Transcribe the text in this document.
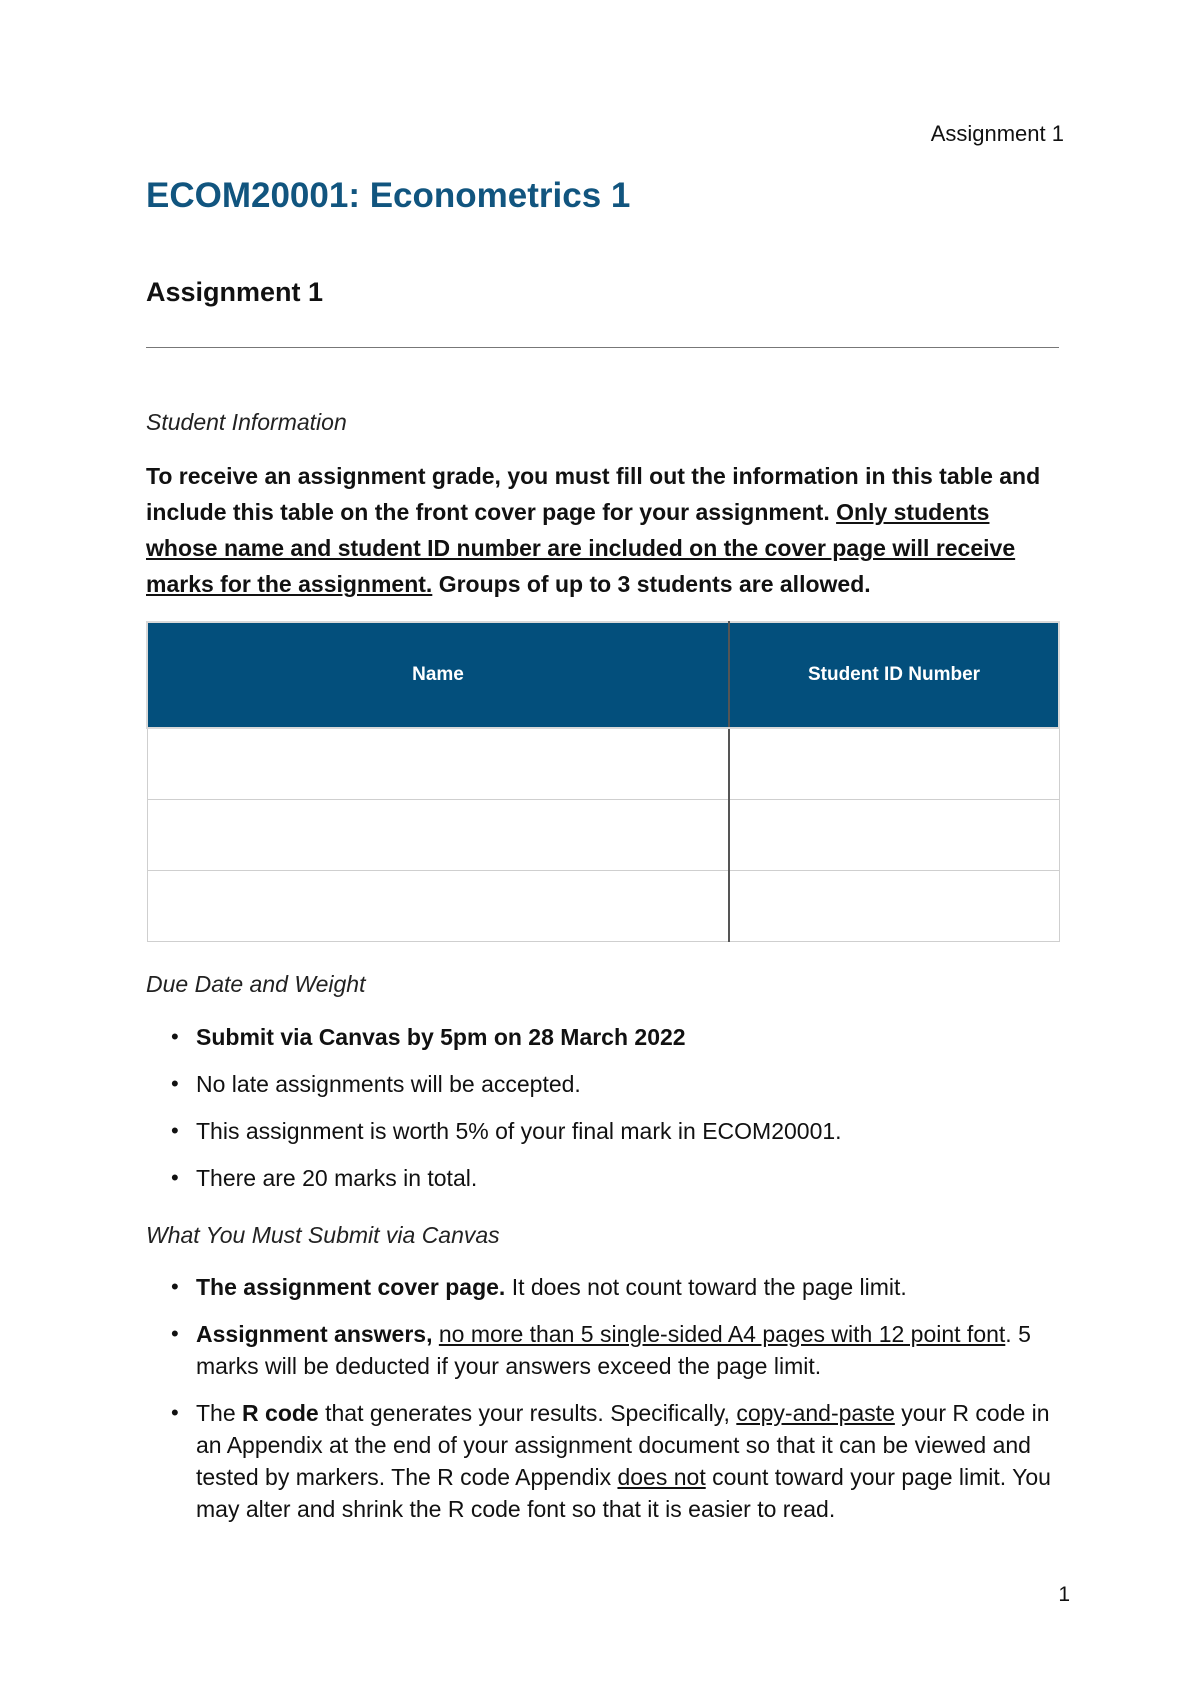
Assignment 1
ECOM20001: Econometrics 1
Assignment 1
Student Information

To receive an assignment grade, you must fill out the information in this table and include this table on the front cover page for your assignment. Only students whose name and student ID number are included on the cover page will receive marks for the assignment. Groups of up to 3 students are allowed.

Name	Student ID Number

Due Date and Weight
• Submit via Canvas by 5pm on 28 March 2022
• No late assignments will be accepted.
• This assignment is worth 5% of your final mark in ECOM20001.
• There are 20 marks in total.
What You Must Submit via Canvas
• The assignment cover page. It does not count toward the page limit.
• Assignment answers, no more than 5 single-sided A4 pages with 12 point font. 5 marks will be deducted if your answers exceed the page limit.
• The R code that generates your results. Specifically, copy-and-paste your R code in an Appendix at the end of your assignment document so that it can be viewed and tested by markers. The R code Appendix does not count toward your page limit. You may alter and shrink the R code font so that it is easier to read.
1
